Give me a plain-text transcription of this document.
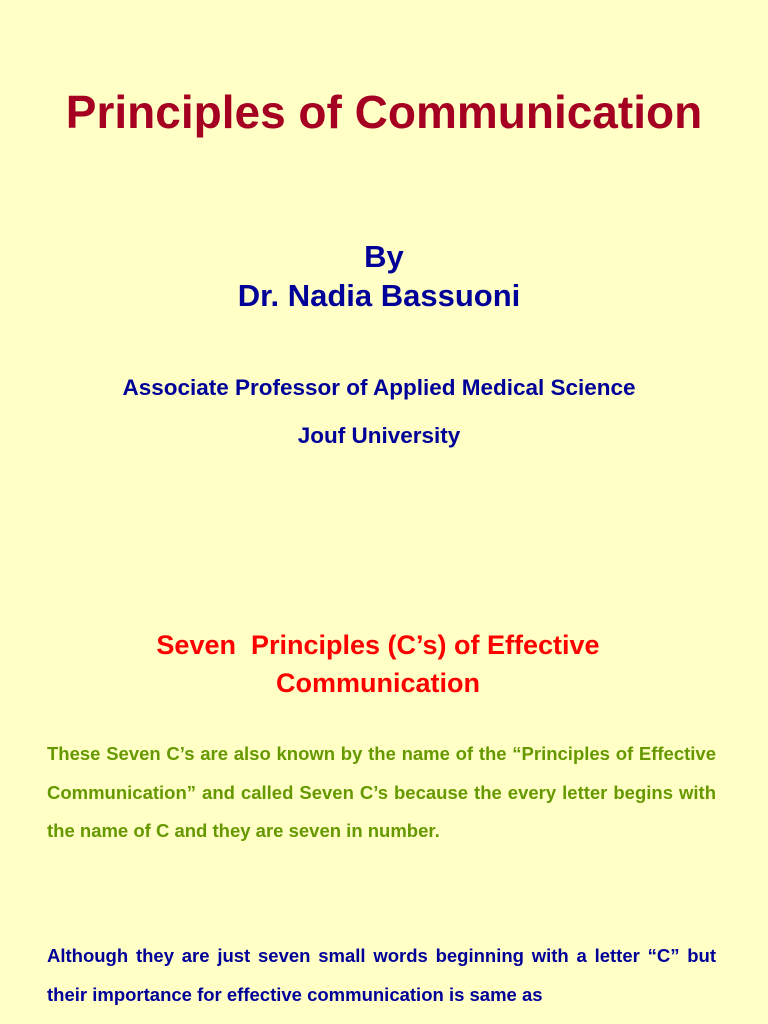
Principles of Communication
By
Dr. Nadia Bassuoni
Associate Professor of Applied Medical Science
Jouf University
Seven  Principles (C’s) of Effective Communication
These Seven C’s are also known by the name of the “Principles of Effective Communication” and called Seven C’s because the every letter begins with the name of C and they are seven in number.
Although they are just seven small words beginning with a letter “C” but their importance for effective communication is same as
